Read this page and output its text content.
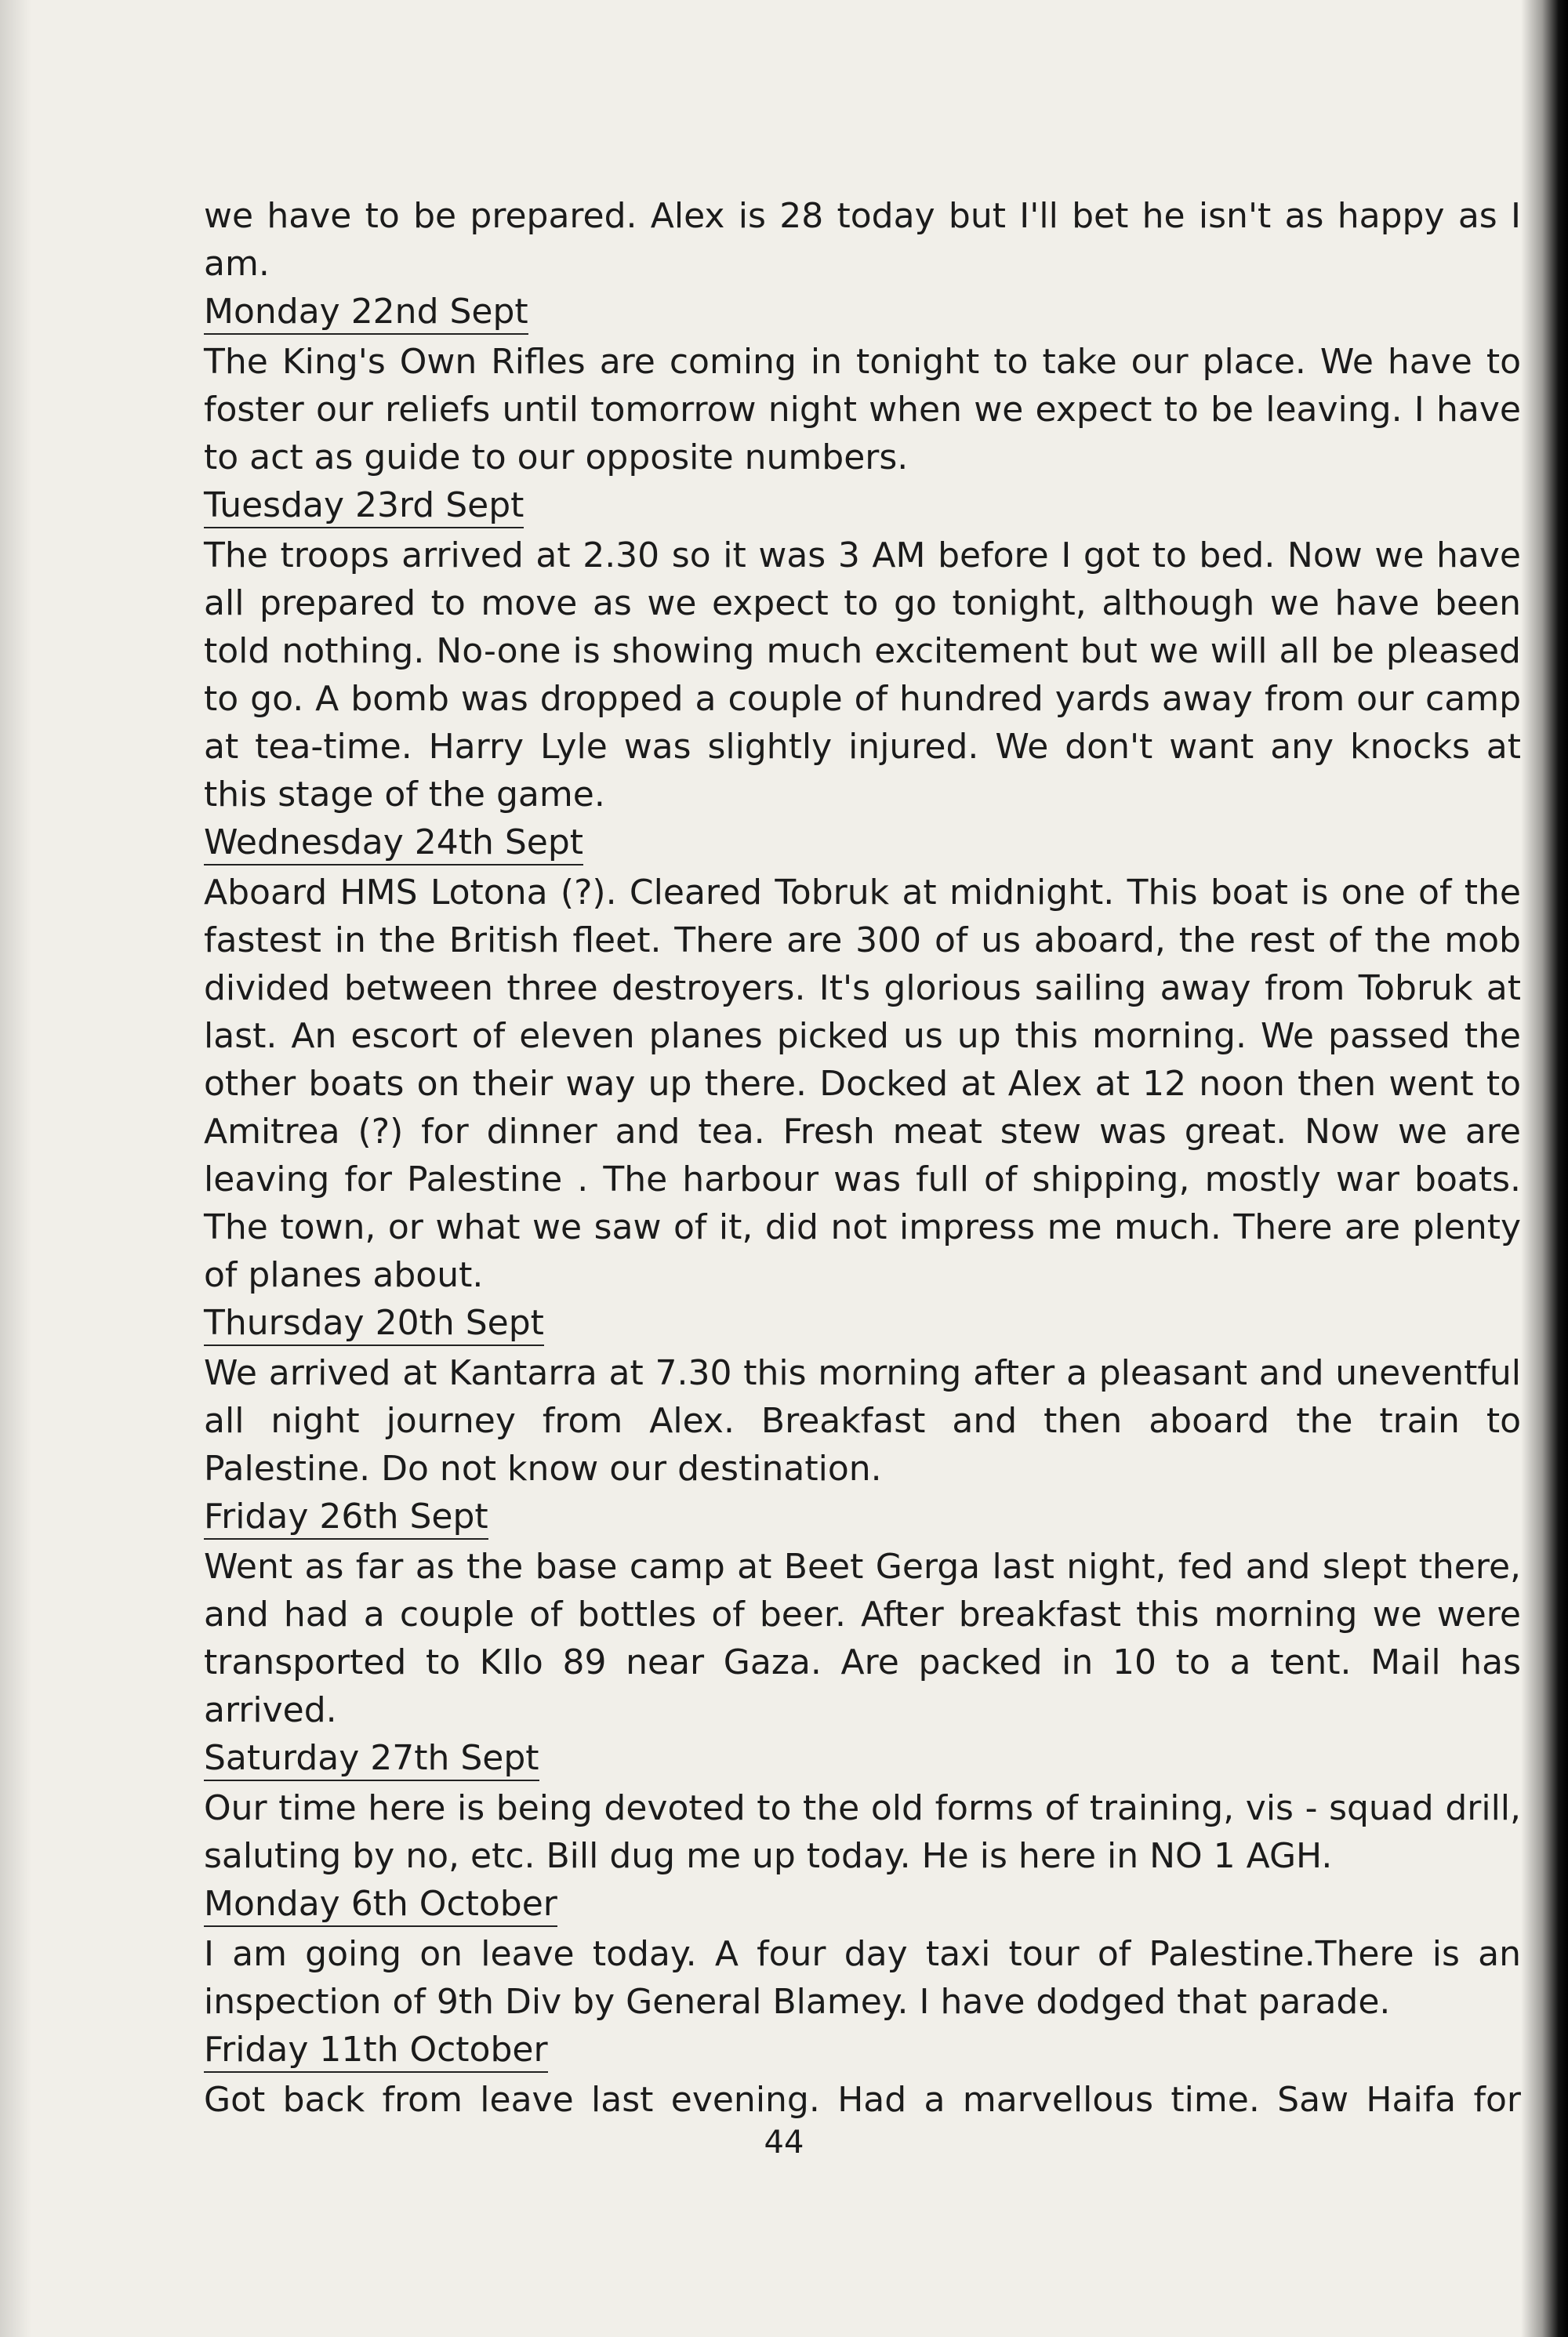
we have to be prepared. Alex is 28 today but I'll bet he isn't as happy as I am.

Monday 22nd Sept

The King's Own Rifles are coming in tonight to take our place. We have to foster our reliefs until tomorrow night when we expect to be leaving. I have to act as guide to our opposite numbers.

Tuesday 23rd Sept

The troops arrived at 2.30 so it was 3 AM before I got to bed. Now we have all prepared to move as we expect to go tonight, although we have been told nothing. No-one is showing much excitement but we will all be pleased to go. A bomb was dropped a couple of hundred yards away from our camp at tea-time. Harry Lyle was slightly injured. We don't want any knocks at this stage of the game.

Wednesday 24th Sept

Aboard HMS Lotona (?). Cleared Tobruk at midnight. This boat is one of the fastest in the British fleet. There are 300 of us aboard, the rest of the mob divided between three destroyers. It's glorious sailing away from Tobruk at last. An escort of eleven planes picked us up this morning. We passed the other boats on their way up there. Docked at Alex at 12 noon then went to Amitrea (?) for dinner and tea. Fresh meat stew was great. Now we are leaving for Palestine . The harbour was full of shipping, mostly war boats. The town, or what we saw of it, did not impress me much. There are plenty of planes about.

Thursday 20th Sept

We arrived at Kantarra at 7.30 this morning after a pleasant and uneventful all night journey from Alex. Breakfast and then aboard the train to Palestine. Do not know our destination.

Friday 26th Sept

Went as far as the base camp at Beet Gerga last night, fed and slept there, and had a couple of bottles of beer. After breakfast this morning we were transported to KIlo 89 near Gaza. Are packed in 10 to a tent. Mail has arrived.

Saturday 27th Sept

Our time here is being devoted to the old forms of training, vis - squad drill, saluting by no, etc. Bill dug me up today. He is here in NO 1 AGH.

Monday 6th October

I am going on leave today. A four day taxi tour of Palestine.There is an inspection of 9th Div by General Blamey. I have dodged that parade.

Friday 11th October

Got back from leave last evening. Had a marvellous time. Saw Haifa for

44
